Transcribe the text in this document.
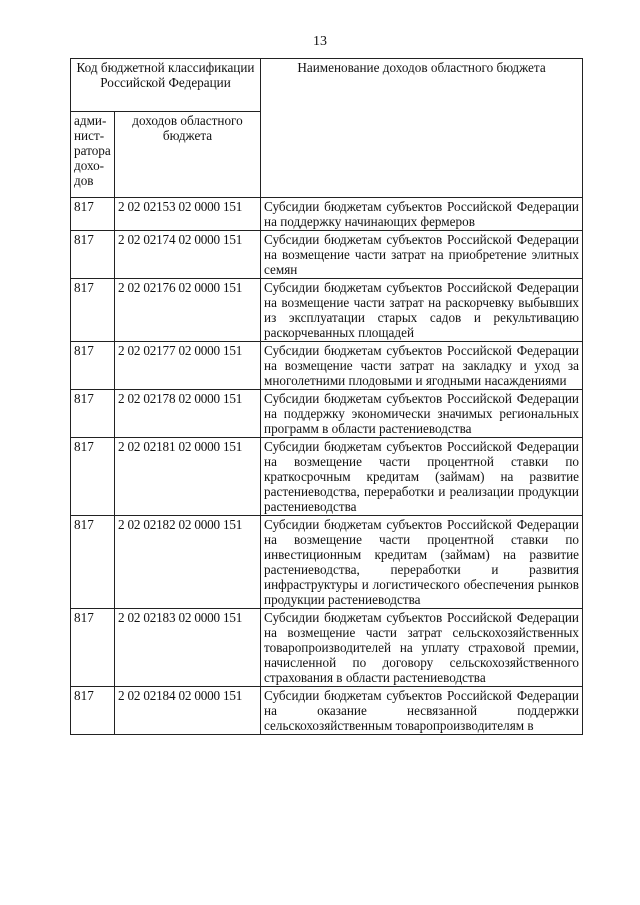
13
Код бюджетной классификации Российской Федерации		Наименование доходов областного бюджета
адми-нист-ратора дохо-дов	доходов областного бюджета	
817	2 02 02153 02 0000 151	Субсидии бюджетам субъектов Российской Федерации на поддержку начинающих фермеров
817	2 02 02174 02 0000 151	Субсидии бюджетам субъектов Российской Федерации на возмещение части затрат на приобретение элитных семян
817	2 02 02176 02 0000 151	Субсидии бюджетам субъектов Российской Федерации на возмещение части затрат на раскорчевку выбывших из эксплуатации старых садов и рекультивацию раскорчеванных площадей
817	2 02 02177 02 0000 151	Субсидии бюджетам субъектов Российской Федерации на возмещение части затрат на закладку и уход за многолетними плодовыми и ягодными насаждениями
817	2 02 02178 02 0000 151	Субсидии бюджетам субъектов Российской Федерации на поддержку экономически значимых региональных программ в области растениеводства
817	2 02 02181 02 0000 151	Субсидии бюджетам субъектов Российской Федерации на возмещение части процентной ставки по краткосрочным кредитам (займам) на развитие растениеводства, переработки и реализации продукции растениеводства
817	2 02 02182 02 0000 151	Субсидии бюджетам субъектов Российской Федерации на возмещение части процентной ставки по инвестиционным кредитам (займам) на развитие растениеводства, переработки и развития инфраструктуры и логистического обеспечения рынков продукции растениеводства
817	2 02 02183 02 0000 151	Субсидии бюджетам субъектов Российской Федерации на возмещение части затрат сельскохозяйственных товаропроизводителей на уплату страховой премии, начисленной по договору сельскохозяйственного страхования в области растениеводства
817	2 02 02184 02 0000 151	Субсидии бюджетам субъектов Российской Федерации на оказание несвязанной поддержки сельскохозяйственным товаропроизводителям в
